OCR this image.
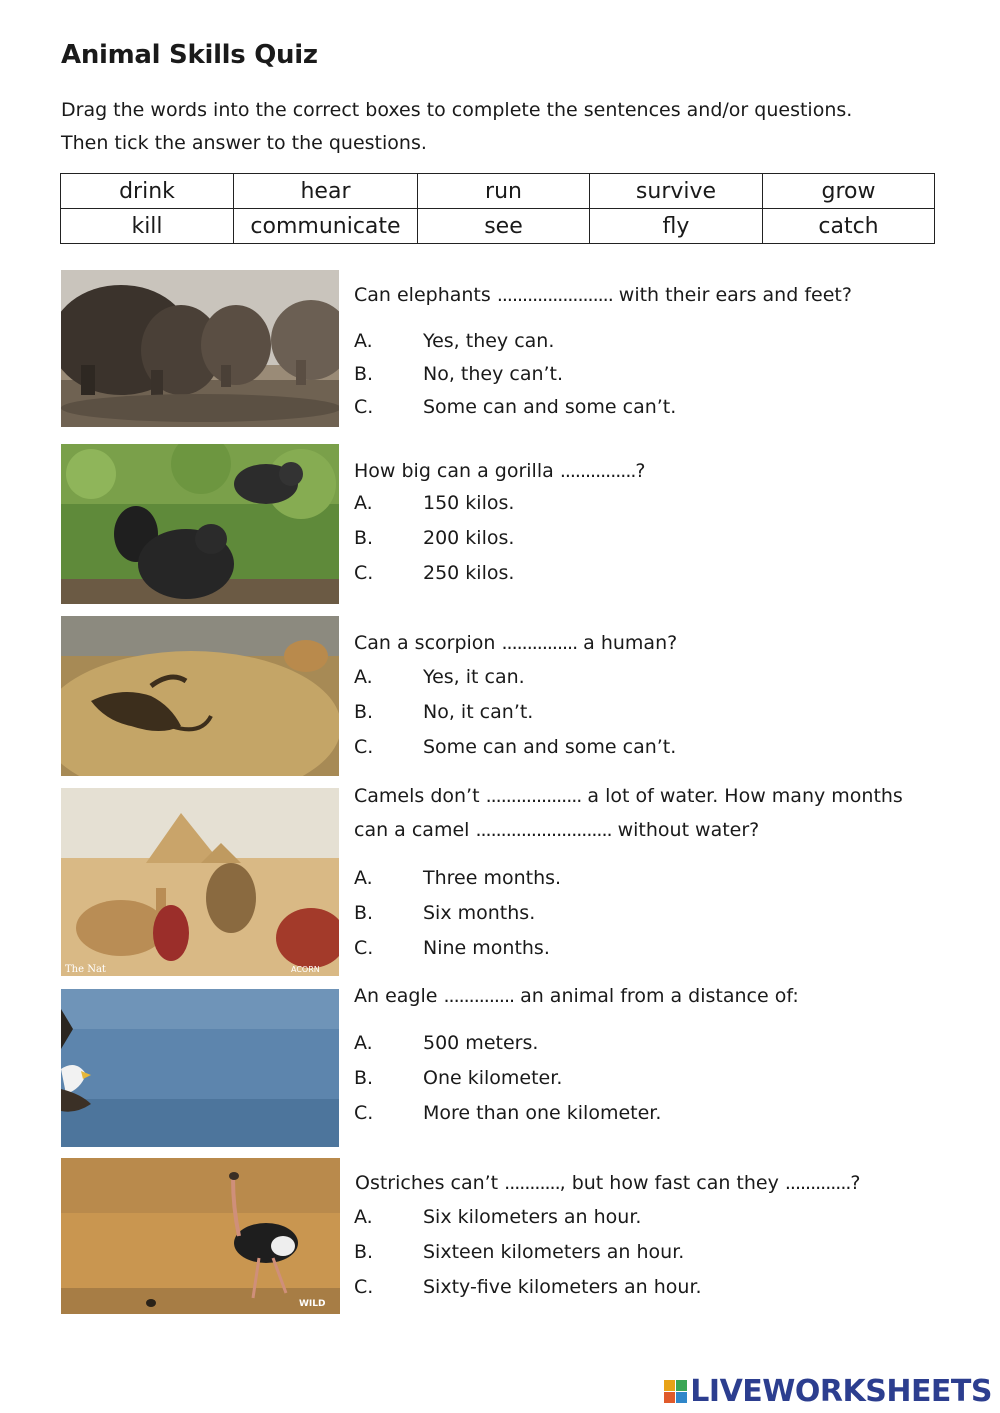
Animal Skills Quiz
Drag the words into the correct boxes to complete the sentences and/or questions.
Then tick the answer to the questions.
drink	hear	run	survive	grow
kill	communicate	see	fly	catch
Can elephants ....................... with their ears and feet?
A.	Yes, they can.
B.	No, they can’t.
C.	Some can and some can’t.
How big can a gorilla ...............?
A.	150 kilos.
B.	200 kilos.
C.	250 kilos.
Can a scorpion ............... a human?
A.	Yes, it can.
B.	No, it can’t.
C.	Some can and some can’t.
The Nat	ACORN
Camels don’t ................... a lot of water. How many months
can a camel ........................... without water?
A.	Three months.
B.	Six months.
C.	Nine months.
An eagle .............. an animal from a distance of:
A.	500 meters.
B.	One kilometer.
C.	More than one kilometer.
WILD
Ostriches can’t ..........., but how fast can they .............?
A.	Six kilometers an hour.
B.	Sixteen kilometers an hour.
C.	Sixty-five kilometers an hour.
LIVEWORKSHEETS
